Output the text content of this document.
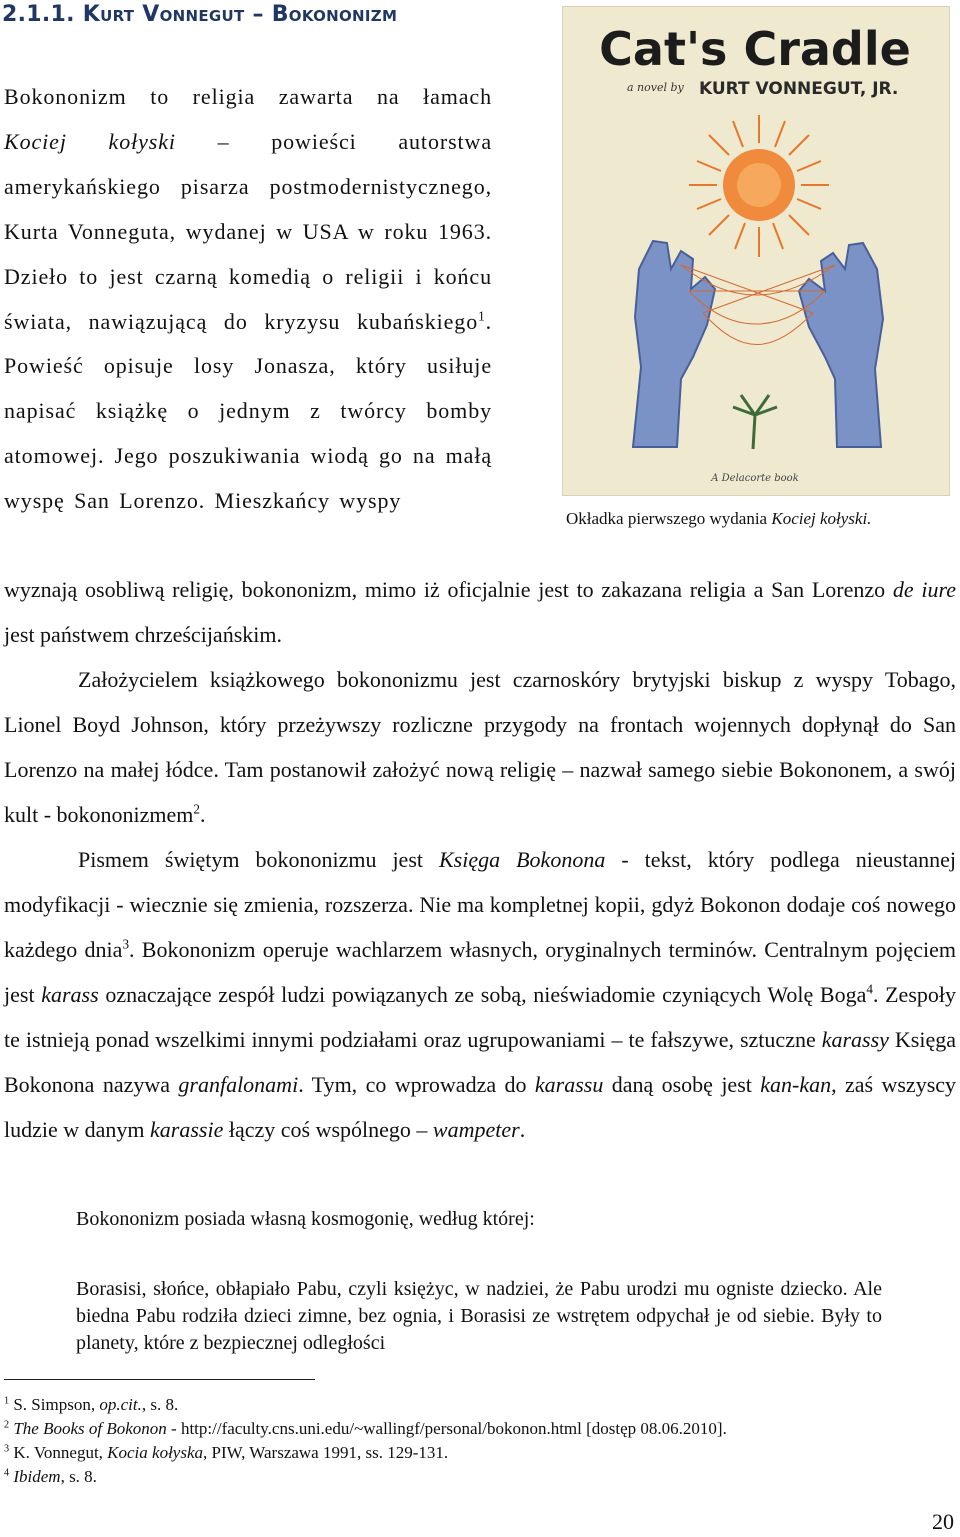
2.1.1. Kurt Vonnegut – Bokononizm

Bokononizm to religia zawarta na łamach Kociej kołyski – powieści autorstwa amerykańskiego pisarza postmodernistycznego, Kurta Vonneguta, wydanej w USA w roku 1963. Dzieło to jest czarną komedią o religii i końcu świata, nawiązującą do kryzysu kubańskiego$^1$. Powieść opisuje losy Jonasza, który usiłuje napisać książkę o jednym z twórcy bomby atomowej. Jego poszukiwania wiodą go na małą wyspę San Lorenzo. Mieszkańcy wyspy

Cat's Cradle
a novel by KURT VONNEGUT, JR.
A Delacorte book

Okładka pierwszego wydania Kociej kołyski.

wyznają osobliwą religię, bokononizm, mimo iż oficjalnie jest to zakazana religia a San Lorenzo de iure jest państwem chrześcijańskim.

Założycielem książkowego bokononizmu jest czarnoskóry brytyjski biskup z wyspy Tobago, Lionel Boyd Johnson, który przeżywszy rozliczne przygody na frontach wojennych dopłynął do San Lorenzo na małej łódce. Tam postanowił założyć nową religię – nazwał samego siebie Bokononem, a swój kult - bokononizmem$^2$.

Pismem świętym bokononizmu jest Księga Bokonona - tekst, który podlega nieustannej modyfikacji - wiecznie się zmienia, rozszerza. Nie ma kompletnej kopii, gdyż Bokonon dodaje coś nowego każdego dnia$^3$. Bokononizm operuje wachlarzem własnych, oryginalnych terminów. Centralnym pojęciem jest karass oznaczające zespół ludzi powiązanych ze sobą, nieświadomie czyniących Wolę Boga$^4$. Zespoły te istnieją ponad wszelkimi innymi podziałami oraz ugrupowaniami – te fałszywe, sztuczne karassy Księga Bokonona nazywa granfalonami. Tym, co wprowadza do karassu daną osobę jest kan-kan, zaś wszyscy ludzie w danym karassie łączy coś wspólnego – wampeter.

Bokononizm posiada własną kosmogonię, według której:

Borasisi, słońce, obłapiało Pabu, czyli księżyc, w nadziei, że Pabu urodzi mu ogniste dziecko. Ale biedna Pabu rodziła dzieci zimne, bez ognia, i Borasisi ze wstrętem odpychał je od siebie. Były to planety, które z bezpiecznej odległości

$^1$ S. Simpson, op.cit., s. 8.
$^2$ The Books of Bokonon - http://faculty.cns.uni.edu/~wallingf/personal/bokonon.html [dostęp 08.06.2010].
$^3$ K. Vonnegut, Kocia kołyska, PIW, Warszawa 1991, ss. 129-131.
$^4$ Ibidem, s. 8.
20
